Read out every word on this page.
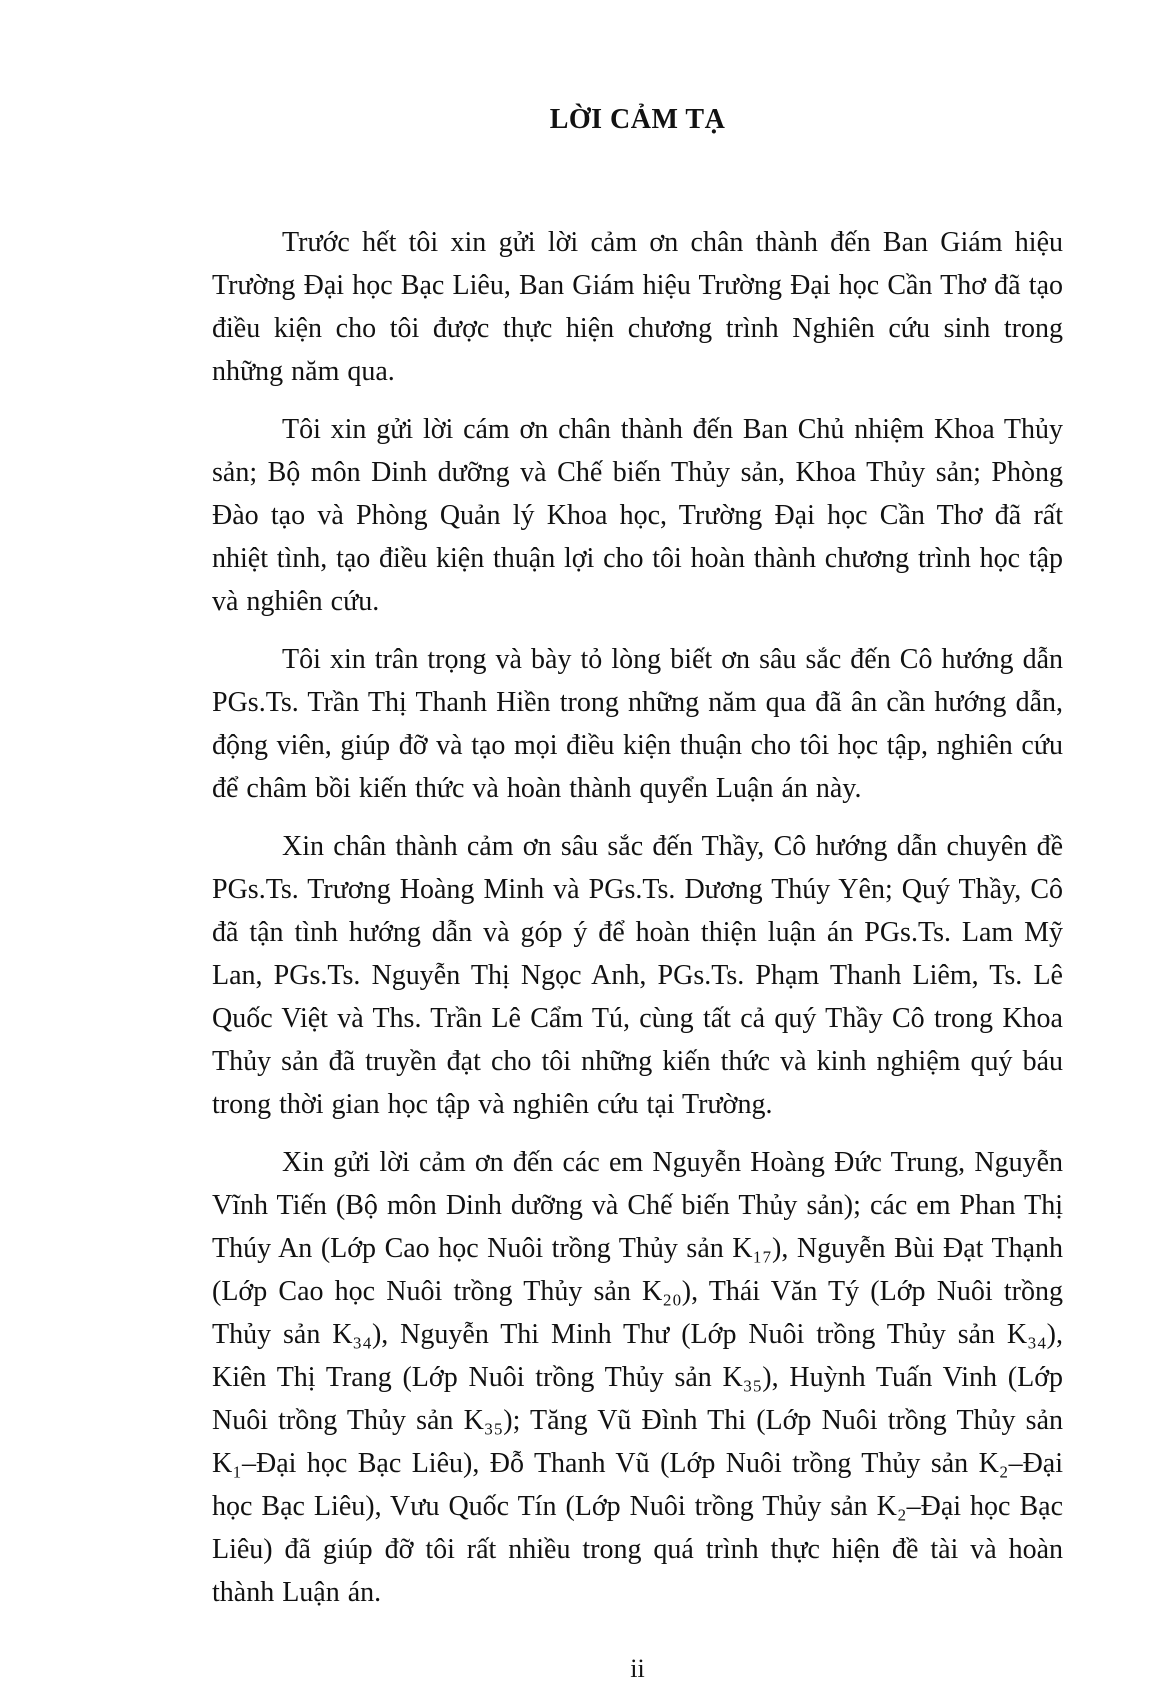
LỜI CẢM TẠ

Trước hết tôi xin gửi lời cảm ơn chân thành đến Ban Giám hiệu Trường Đại học Bạc Liêu, Ban Giám hiệu Trường Đại học Cần Thơ đã tạo điều kiện cho tôi được thực hiện chương trình Nghiên cứu sinh trong những năm qua.

Tôi xin gửi lời cám ơn chân thành đến Ban Chủ nhiệm Khoa Thủy sản; Bộ môn Dinh dưỡng và Chế biến Thủy sản, Khoa Thủy sản; Phòng Đào tạo và Phòng Quản lý Khoa học, Trường Đại học Cần Thơ đã rất nhiệt tình, tạo điều kiện thuận lợi cho tôi hoàn thành chương trình học tập và nghiên cứu.

Tôi xin trân trọng và bày tỏ lòng biết ơn sâu sắc đến Cô hướng dẫn PGs.Ts. Trần Thị Thanh Hiền trong những năm qua đã ân cần hướng dẫn, động viên, giúp đỡ và tạo mọi điều kiện thuận cho tôi học tập, nghiên cứu để châm bồi kiến thức và hoàn thành quyển Luận án này.

Xin chân thành cảm ơn sâu sắc đến Thầy, Cô hướng dẫn chuyên đề PGs.Ts. Trương Hoàng Minh và PGs.Ts. Dương Thúy Yên; Quý Thầy, Cô đã tận tình hướng dẫn và góp ý để hoàn thiện luận án PGs.Ts. Lam Mỹ Lan, PGs.Ts. Nguyễn Thị Ngọc Anh, PGs.Ts. Phạm Thanh Liêm, Ts. Lê Quốc Việt và Ths. Trần Lê Cẩm Tú, cùng tất cả quý Thầy Cô trong Khoa Thủy sản đã truyền đạt cho tôi những kiến thức và kinh nghiệm quý báu trong thời gian học tập và nghiên cứu tại Trường.

Xin gửi lời cảm ơn đến các em Nguyễn Hoàng Đức Trung, Nguyễn Vĩnh Tiến (Bộ môn Dinh dưỡng và Chế biến Thủy sản); các em Phan Thị Thúy An (Lớp Cao học Nuôi trồng Thủy sản K₁₇), Nguyễn Bùi Đạt Thạnh (Lớp Cao học Nuôi trồng Thủy sản K₂₀), Thái Văn Tý (Lớp Nuôi trồng Thủy sản K₃₄), Nguyễn Thi Minh Thư (Lớp Nuôi trồng Thủy sản K₃₄), Kiên Thị Trang (Lớp Nuôi trồng Thủy sản K₃₅), Huỳnh Tuấn Vinh (Lớp Nuôi trồng Thủy sản K₃₅); Tăng Vũ Đình Thi (Lớp Nuôi trồng Thủy sản K₁–Đại học Bạc Liêu), Đỗ Thanh Vũ (Lớp Nuôi trồng Thủy sản K₂–Đại học Bạc Liêu), Vưu Quốc Tín (Lớp Nuôi trồng Thủy sản K₂–Đại học Bạc Liêu) đã giúp đỡ tôi rất nhiều trong quá trình thực hiện đề tài và hoàn thành Luận án.

ii
